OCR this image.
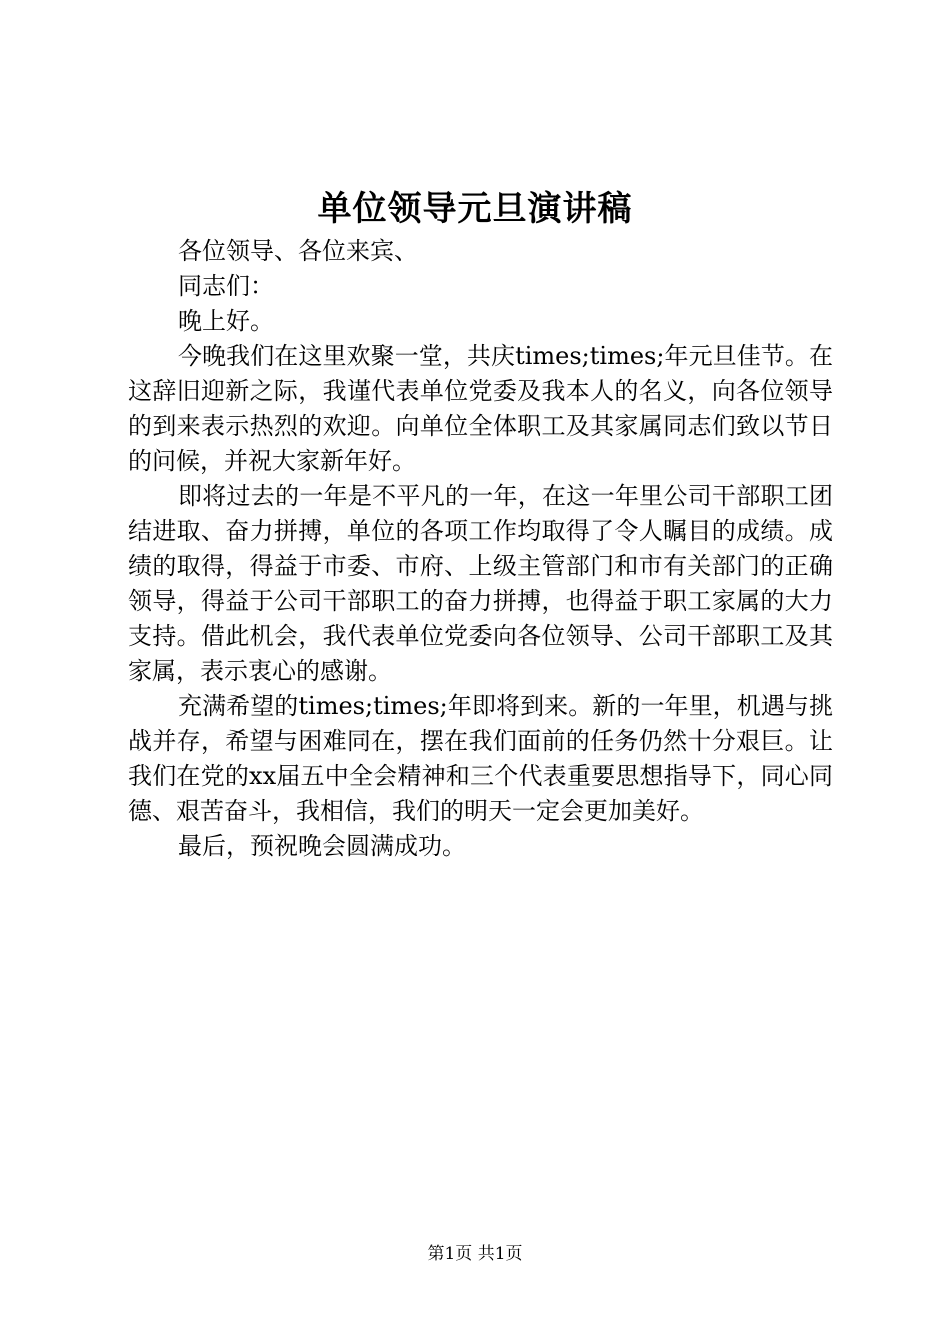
单位领导元旦演讲稿

各位领导、各位来宾、

同志们：

晚上好。

今晚我们在这里欢聚一堂，共庆times;times;年元旦佳节。在这辞旧迎新之际，我谨代表单位党委及我本人的名义，向各位领导的到来表示热烈的欢迎。向单位全体职工及其家属同志们致以节日的问候，并祝大家新年好。

即将过去的一年是不平凡的一年，在这一年里公司干部职工团结进取、奋力拼搏，单位的各项工作均取得了令人瞩目的成绩。成绩的取得，得益于市委、市府、上级主管部门和市有关部门的正确领导，得益于公司干部职工的奋力拼搏，也得益于职工家属的大力支持。借此机会，我代表单位党委向各位领导、公司干部职工及其家属，表示衷心的感谢。

充满希望的times;times;年即将到来。新的一年里，机遇与挑战并存，希望与困难同在，摆在我们面前的任务仍然十分艰巨。让我们在党的xx届五中全会精神和三个代表重要思想指导下，同心同德、艰苦奋斗，我相信，我们的明天一定会更加美好。

最后，预祝晚会圆满成功。

第1页 共1页
